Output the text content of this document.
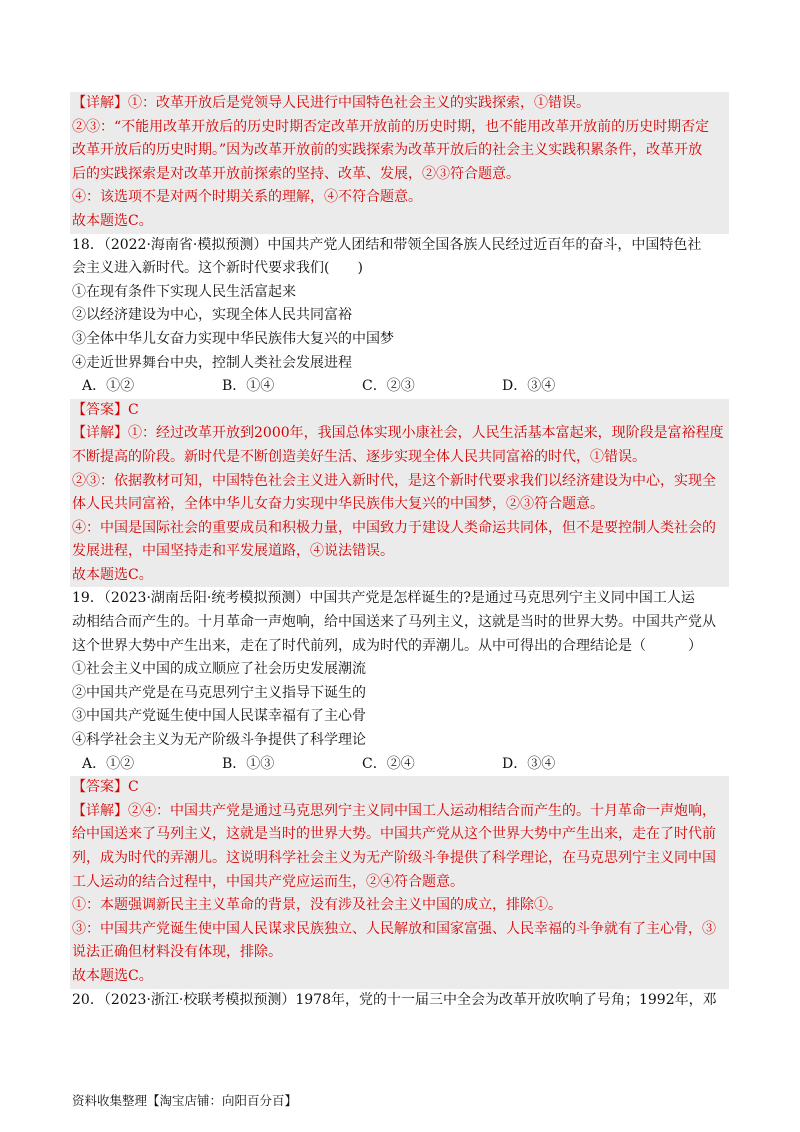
【详解】①：改革开放后是党领导人民进行中国特色社会主义的实践探索，①错误。
②③：“不能用改革开放后的历史时期否定改革开放前的历史时期，也不能用改革开放前的历史时期否定
改革开放后的历史时期。”因为改革开放前的实践探索为改革开放后的社会主义实践积累条件，改革开放
后的实践探索是对改革开放前探索的坚持、改革、发展，②③符合题意。
④：该选项不是对两个时期关系的理解，④不符合题意。
故本题选C。
18．（2022·海南省·模拟预测）中国共产党人团结和带领全国各族人民经过近百年的奋斗，中国特色社
会主义进入新时代。这个新时代要求我们(　　)
①在现有条件下实现人民生活富起来
②以经济建设为中心，实现全体人民共同富裕
③全体中华儿女奋力实现中华民族伟大复兴的中国梦
④走近世界舞台中央，控制人类社会发展进程
A．①②	B．①④	C．②③	D．③④
【答案】C
【详解】①：经过改革开放到2000年，我国总体实现小康社会，人民生活基本富起来，现阶段是富裕程度
不断提高的阶段。新时代是不断创造美好生活、逐步实现全体人民共同富裕的时代，①错误。
②③：依据教材可知，中国特色社会主义进入新时代，是这个新时代要求我们以经济建设为中心，实现全
体人民共同富裕，全体中华儿女奋力实现中华民族伟大复兴的中国梦，②③符合题意。
④：中国是国际社会的重要成员和积极力量，中国致力于建设人类命运共同体，但不是要控制人类社会的
发展进程，中国坚持走和平发展道路，④说法错误。
故本题选C。
19．（2023·湖南岳阳·统考模拟预测）中国共产党是怎样诞生的?是通过马克思列宁主义同中国工人运
动相结合而产生的。十月革命一声炮响，给中国送来了马列主义，这就是当时的世界大势。中国共产党从
这个世界大势中产生出来，走在了时代前列，成为时代的弄潮儿。从中可得出的合理结论是（　　　）
①社会主义中国的成立顺应了社会历史发展潮流
②中国共产党是在马克思列宁主义指导下诞生的
③中国共产党诞生使中国人民谋幸福有了主心骨
④科学社会主义为无产阶级斗争提供了科学理论
A．①②	B．①③	C．②④	D．③④
【答案】C
【详解】②④：中国共产党是通过马克思列宁主义同中国工人运动相结合而产生的。十月革命一声炮响，
给中国送来了马列主义，这就是当时的世界大势。中国共产党从这个世界大势中产生出来，走在了时代前
列，成为时代的弄潮儿。这说明科学社会主义为无产阶级斗争提供了科学理论，在马克思列宁主义同中国
工人运动的结合过程中，中国共产党应运而生，②④符合题意。
①：本题强调新民主主义革命的背景，没有涉及社会主义中国的成立，排除①。
③：中国共产党诞生使中国人民谋求民族独立、人民解放和国家富强、人民幸福的斗争就有了主心骨，③
说法正确但材料没有体现，排除。
故本题选C。
20．（2023·浙江·校联考模拟预测）1978年，党的十一届三中全会为改革开放吹响了号角；1992年，邓
资料收集整理【淘宝店铺：向阳百分百】
